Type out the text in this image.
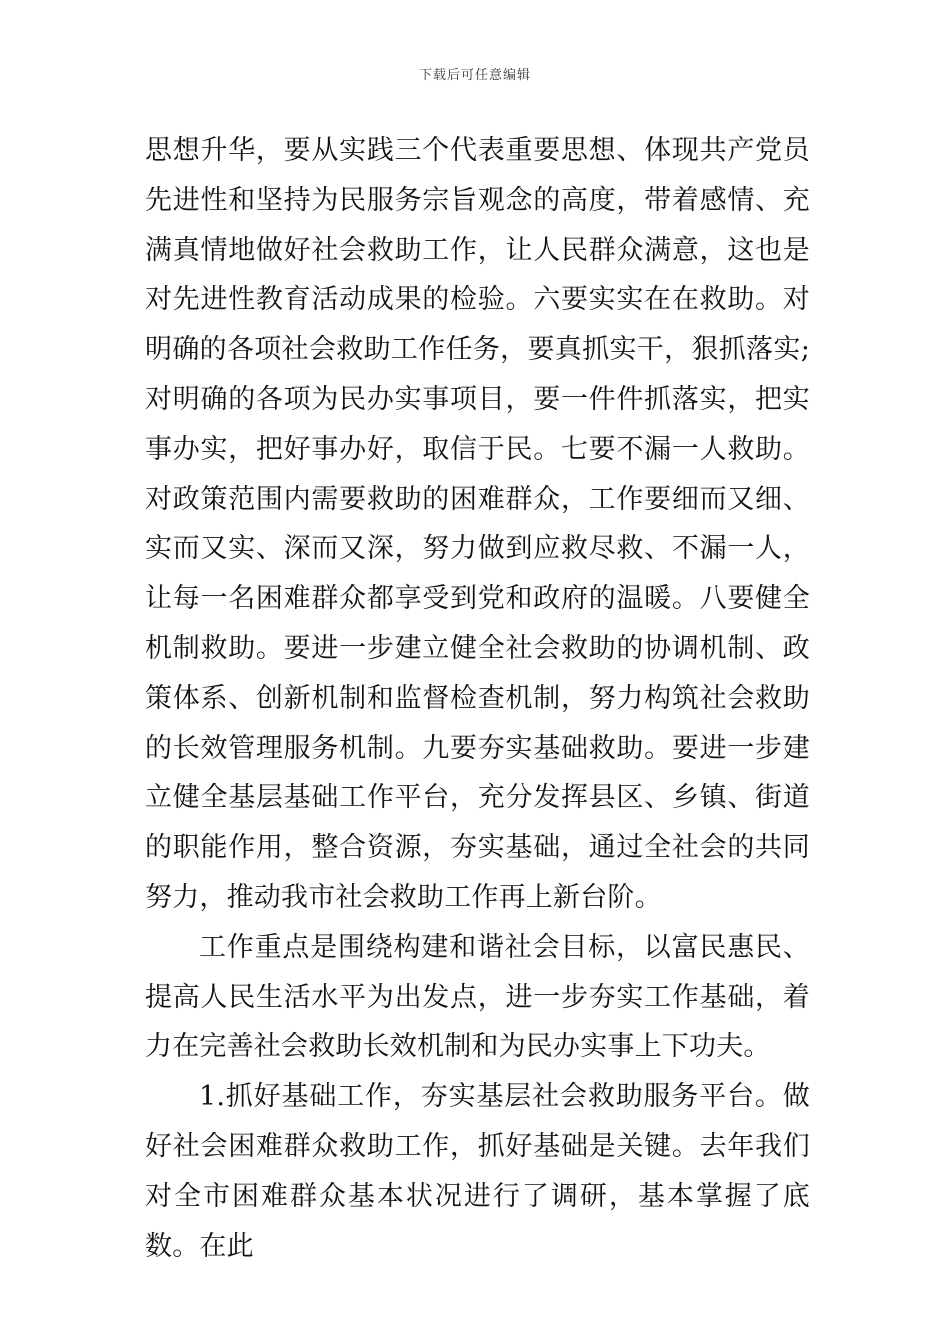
下载后可任意编辑

思想升华，要从实践三个代表重要思想、体现共产党员先进性和坚持为民服务宗旨观念的高度，带着感情、充满真情地做好社会救助工作，让人民群众满意，这也是对先进性教育活动成果的检验。六要实实在在救助。对明确的各项社会救助工作任务，要真抓实干，狠抓落实;对明确的各项为民办实事项目，要一件件抓落实，把实事办实，把好事办好，取信于民。七要不漏一人救助。对政策范围内需要救助的困难群众，工作要细而又细、实而又实、深而又深，努力做到应救尽救、不漏一人，让每一名困难群众都享受到党和政府的温暖。八要健全机制救助。要进一步建立健全社会救助的协调机制、政策体系、创新机制和监督检查机制，努力构筑社会救助的长效管理服务机制。九要夯实基础救助。要进一步建立健全基层基础工作平台，充分发挥县区、乡镇、街道的职能作用，整合资源，夯实基础，通过全社会的共同努力，推动我市社会救助工作再上新台阶。

工作重点是围绕构建和谐社会目标，以富民惠民、提高人民生活水平为出发点，进一步夯实工作基础，着力在完善社会救助长效机制和为民办实事上下功夫。

1.抓好基础工作，夯实基层社会救助服务平台。做好社会困难群众救助工作，抓好基础是关键。去年我们对全市困难群众基本状况进行了调研，基本掌握了底数。在此
